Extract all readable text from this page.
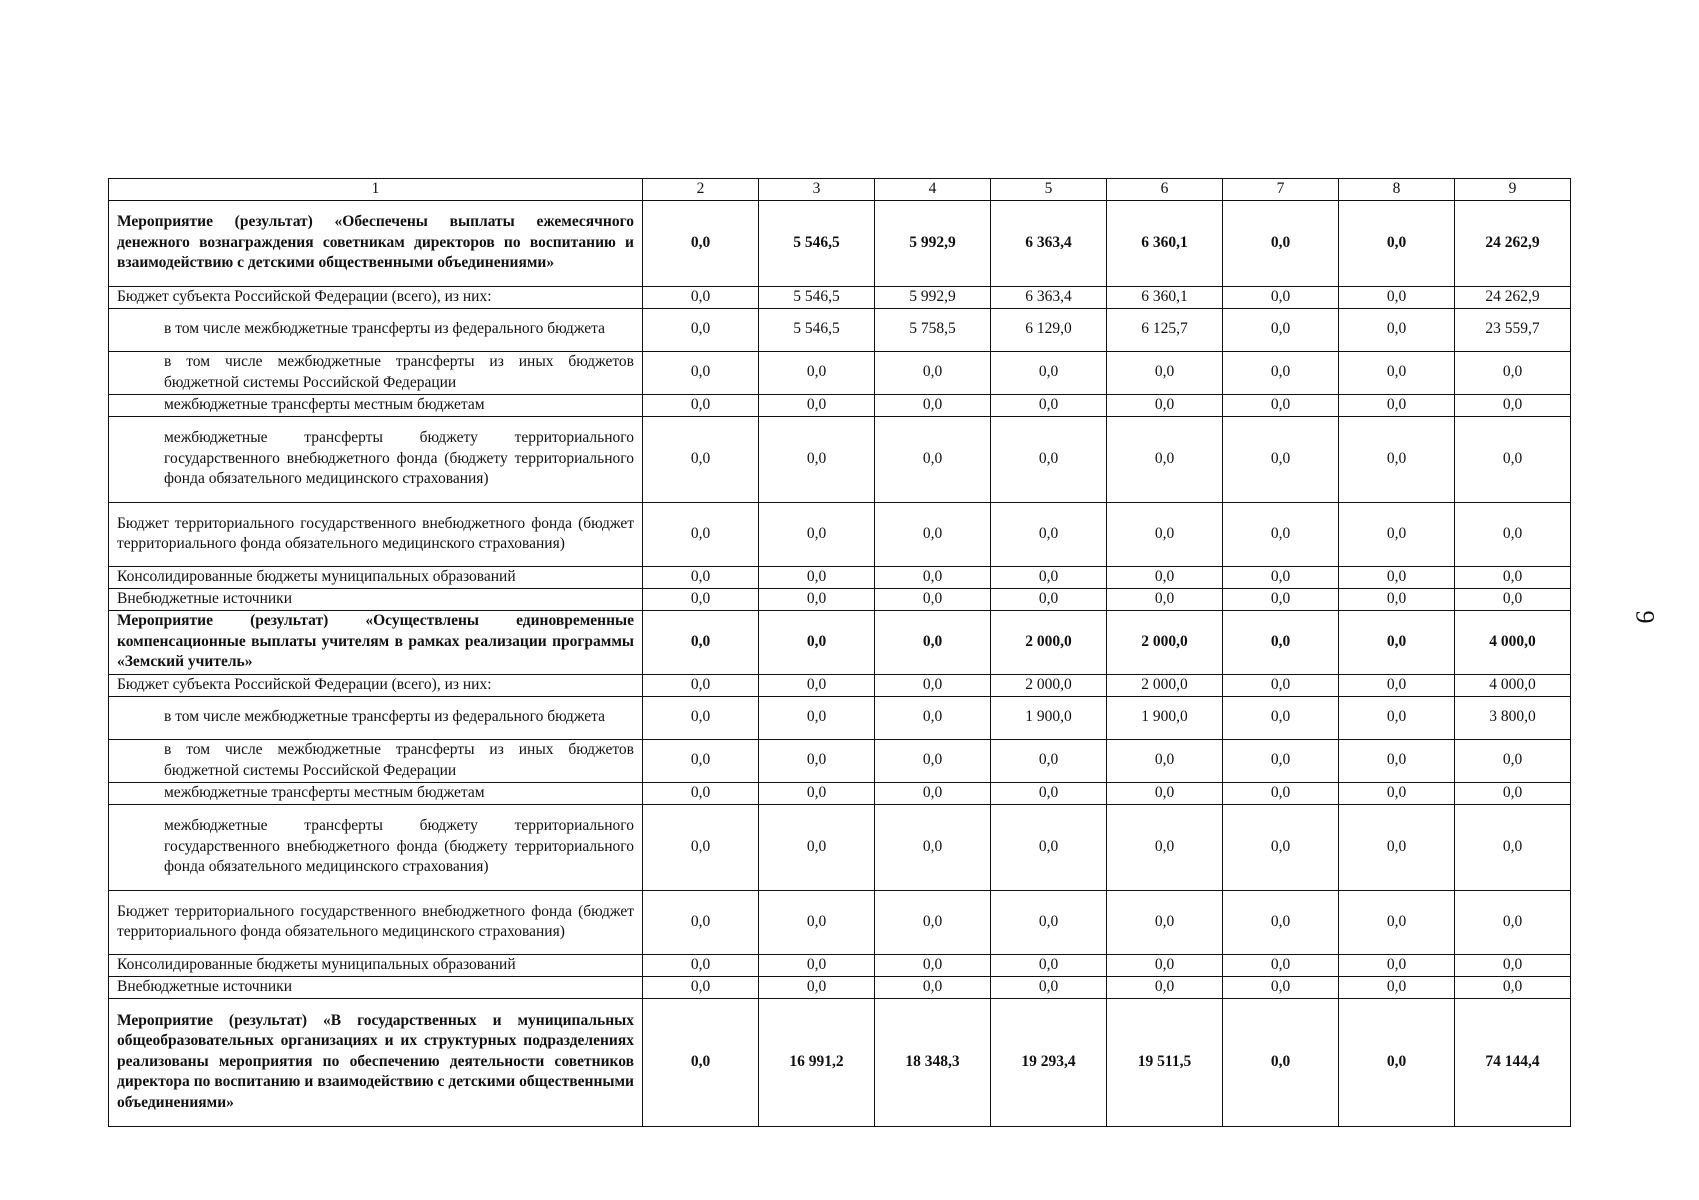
9
1	2	3	4	5	6	7	8	9
Мероприятие (результат) «Обеспечены выплаты ежемесячного денежного вознаграждения советникам директоров по воспитанию и взаимодействию с детскими общественными объединениями»	0,0	5 546,5	5 992,9	6 363,4	6 360,1	0,0	0,0	24 262,9
Бюджет субъекта Российской Федерации (всего), из них:	0,0	5 546,5	5 992,9	6 363,4	6 360,1	0,0	0,0	24 262,9
в том числе межбюджетные трансферты из федерального бюджета	0,0	5 546,5	5 758,5	6 129,0	6 125,7	0,0	0,0	23 559,7
в том числе межбюджетные трансферты из иных бюджетов бюджетной системы Российской Федерации	0,0	0,0	0,0	0,0	0,0	0,0	0,0	0,0
межбюджетные трансферты местным бюджетам	0,0	0,0	0,0	0,0	0,0	0,0	0,0	0,0
межбюджетные трансферты бюджету территориального государственного внебюджетного фонда (бюджету территориального фонда обязательного медицинского страхования)	0,0	0,0	0,0	0,0	0,0	0,0	0,0	0,0
Бюджет территориального государственного внебюджетного фонда (бюджет территориального фонда обязательного медицинского страхования)	0,0	0,0	0,0	0,0	0,0	0,0	0,0	0,0
Консолидированные бюджеты муниципальных образований	0,0	0,0	0,0	0,0	0,0	0,0	0,0	0,0
Внебюджетные источники	0,0	0,0	0,0	0,0	0,0	0,0	0,0	0,0
Мероприятие (результат) «Осуществлены единовременные компенсационные выплаты учителям в рамках реализации программы «Земский учитель»	0,0	0,0	0,0	2 000,0	2 000,0	0,0	0,0	4 000,0
Бюджет субъекта Российской Федерации (всего), из них:	0,0	0,0	0,0	2 000,0	2 000,0	0,0	0,0	4 000,0
в том числе межбюджетные трансферты из федерального бюджета	0,0	0,0	0,0	1 900,0	1 900,0	0,0	0,0	3 800,0
в том числе межбюджетные трансферты из иных бюджетов бюджетной системы Российской Федерации	0,0	0,0	0,0	0,0	0,0	0,0	0,0	0,0
межбюджетные трансферты местным бюджетам	0,0	0,0	0,0	0,0	0,0	0,0	0,0	0,0
межбюджетные трансферты бюджету территориального государственного внебюджетного фонда (бюджету территориального фонда обязательного медицинского страхования)	0,0	0,0	0,0	0,0	0,0	0,0	0,0	0,0
Бюджет территориального государственного внебюджетного фонда (бюджет территориального фонда обязательного медицинского страхования)	0,0	0,0	0,0	0,0	0,0	0,0	0,0	0,0
Консолидированные бюджеты муниципальных образований	0,0	0,0	0,0	0,0	0,0	0,0	0,0	0,0
Внебюджетные источники	0,0	0,0	0,0	0,0	0,0	0,0	0,0	0,0
Мероприятие (результат) «В государственных и муниципальных общеобразовательных организациях и их структурных подразделениях реализованы мероприятия по обеспечению деятельности советников директора по воспитанию и взаимодействию с детскими общественными объединениями»	0,0	16 991,2	18 348,3	19 293,4	19 511,5	0,0	0,0	74 144,4
